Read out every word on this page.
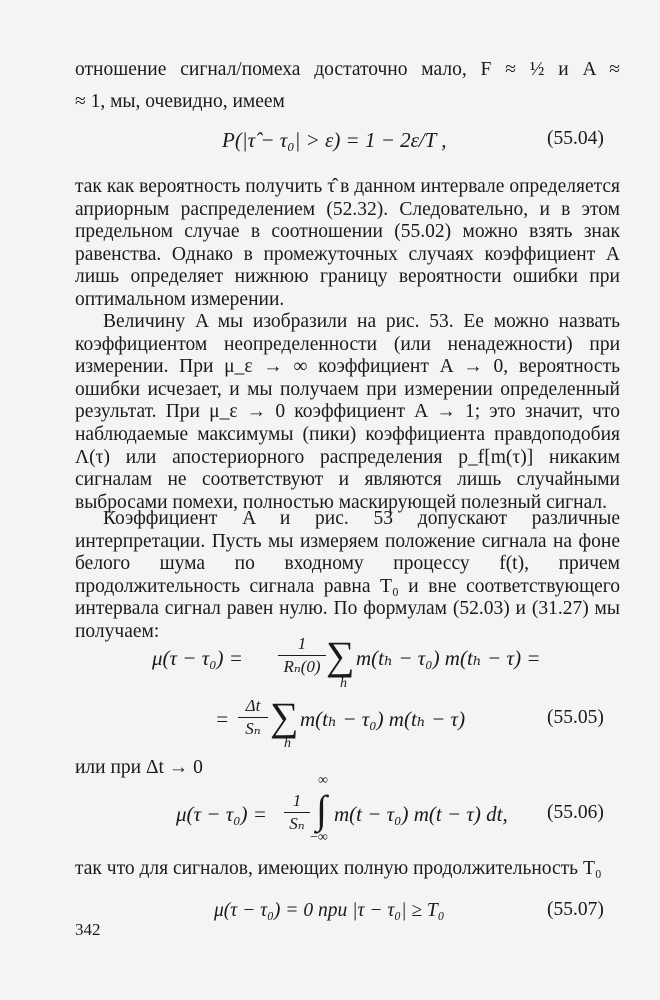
отношение сигнал/помеха достаточно мало, F ≈ ½ и A ≈
≈ 1, мы, очевидно, имеем
P(|τ̂ − τ₀| > ε) = 1 − 2ε/T ,	(55.04)

так как вероятность получить τ̂ в данном интервале определяется априорным распределением (52.32). Следовательно, и в этом предельном случае в соотношении (55.02) можно взять знак равенства. Однако в промежуточных случаях коэффициент A лишь определяет нижнюю границу вероятности ошибки при оптимальном измерении.

Величину A мы изобразили на рис. 53. Ее можно назвать коэффициентом неопределенности (или ненадежности) при измерении. При μ_ε → ∞ коэффициент A → 0, вероятность ошибки исчезает, и мы получаем при измерении определенный результат. При μ_ε → 0 коэффициент A → 1; это значит, что наблюдаемые максимумы (пики) коэффициента правдоподобия Λ(τ) или апостериорного распределения p_f[m(τ)] никаким сигналам не соответствуют и являются лишь случайными выбросами помехи, полностью маскирующей полезный сигнал.

Коэффициент A и рис. 53 допускают различные интерпретации. Пусть мы измеряем положение сигнала на фоне белого шума по входному процессу f(t), причем продолжительность сигнала равна T₀ и вне соответствующего интервала сигнал равен нулю. По формулам (52.03) и (31.27) мы получаем:

μ(τ − τ₀) =
1
Rₙ(0) ∑
h
m(tₕ − τ₀) m(tₕ − τ) =
=
Δt
Sₙ ∑
h
m(tₕ − τ₀) m(tₕ − τ)	(55.05)
или при Δt → 0
μ(τ − τ₀) =
1
Sₙ
∞
∫
−∞
m(t − τ₀) m(t − τ) dt, (55.06)

так что для сигналов, имеющих полную продолжительность T₀

μ(τ − τ₀) = 0 при |τ − τ₀| ≥ T₀	(55.07)
342
